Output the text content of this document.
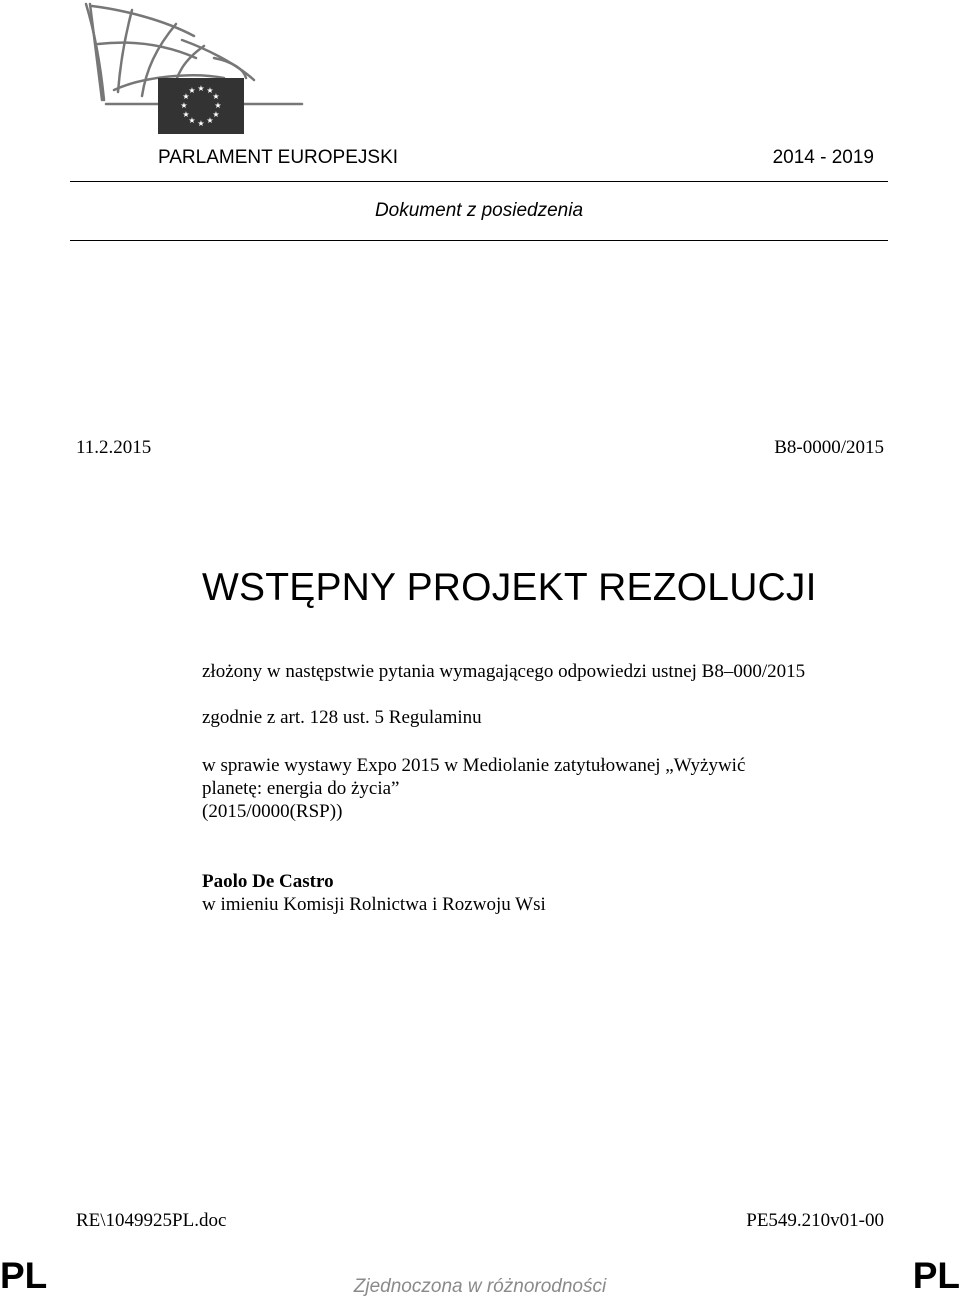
★ ★
★
★
★
★
★
★
★
★
★
★
PARLAMENT EUROPEJSKI	2014 - 2019
Dokument z posiedzenia
11.2.2015	B8-0000/2015
WSTĘPNY PROJEKT REZOLUCJI
złożony w następstwie pytania wymagającego odpowiedzi ustnej B8–000/2015
zgodnie z art. 128 ust. 5 Regulaminu
w sprawie wystawy Expo 2015 w Mediolanie zatytułowanej „Wyżywić
planetę: energia do życia”
(2015/0000(RSP))
Paolo De Castro
w imieniu Komisji Rolnictwa i Rozwoju Wsi
RE\1049925PL.doc	PE549.210v01-00
PL	Zjednoczona w różnorodności	PL
